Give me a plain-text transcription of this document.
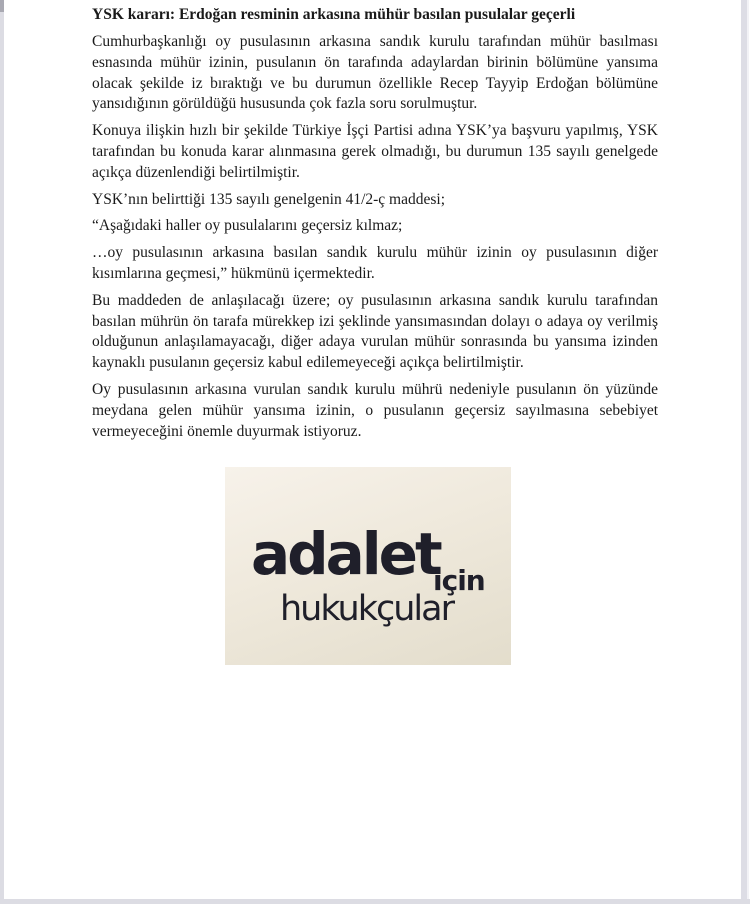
YSK kararı: Erdoğan resminin arkasına mühür basılan pusulalar geçerli

Cumhurbaşkanlığı oy pusulasının arkasına sandık kurulu tarafından mühür basılması esnasında mühür izinin, pusulanın ön tarafında adaylardan birinin bölümüne yansıma olacak şekilde iz bıraktığı ve bu durumun özellikle Recep Tayyip Erdoğan bölümüne yansıdığının görüldüğü hususunda çok fazla soru sorulmuştur.

Konuya ilişkin hızlı bir şekilde Türkiye İşçi Partisi adına YSK’ya başvuru yapılmış, YSK tarafından bu konuda karar alınmasına gerek olmadığı, bu durumun 135 sayılı genelgede açıkça düzenlendiği belirtilmiştir.

YSK’nın belirttiği 135 sayılı genelgenin 41/2-ç maddesi;

“Aşağıdaki haller oy pusulalarını geçersiz kılmaz;

…oy pusulasının arkasına basılan sandık kurulu mühür izinin oy pusulasının diğer kısımlarına geçmesi,” hükmünü içermektedir.

Bu maddeden de anlaşılacağı üzere; oy pusulasının arkasına sandık kurulu tarafından basılan mührün ön tarafa mürekkep izi şeklinde yansımasından dolayı o adaya oy verilmiş olduğunun anlaşılamayacağı, diğer adaya vurulan mühür sonrasında bu yansıma izinden kaynaklı pusulanın geçersiz kabul edilemeyeceği açıkça belirtilmiştir.

Oy pusulasının arkasına vurulan sandık kurulu mührü nedeniyle pusulanın ön yüzünde meydana gelen mühür yansıma izinin, o pusulanın geçersiz sayılmasına sebebiyet vermeyeceğini önemle duyurmak istiyoruz.

adalet
için
hukukçular
